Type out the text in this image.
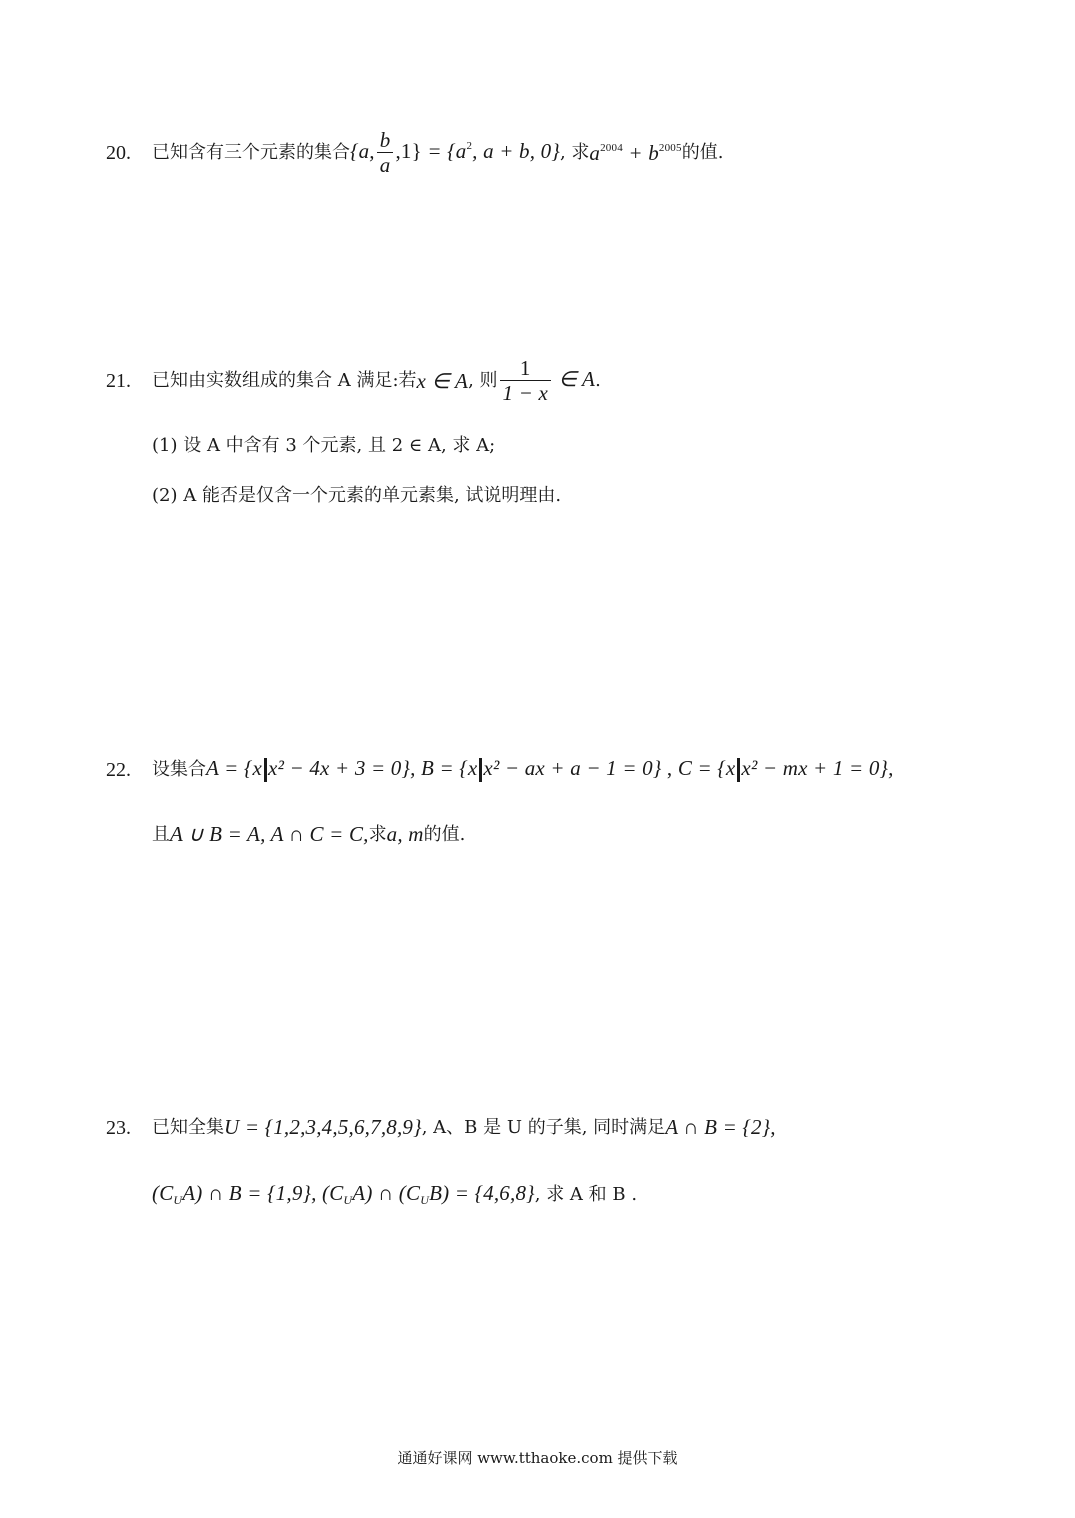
20.	已知含有三个元素的集合 {a, $\frac{b}{a} ,1\} = \{a^2$, a + b, 0} , 求 $a^{2004} + b^{2005}$ 的值.
21.	已知由实数组成的集合 A 满足:若 x ∈ A , 则 $\frac{1}{1 - x}$ ∈ A .
(1) 设 A 中含有 3 个元素, 且 2 ∈ A, 求 A;
(2) A 能否是仅含一个元素的单元素集, 试说明理由.
22.	设集合 A = {x x² − 4x + 3 = 0}, B = {x x² − ax + a − 1 = 0} , C = {x x² − mx + 1 = 0},
且 A ∪ B = A, A ∩ C = C, 求 a, m 的值.
23.	已知全集 U = {1,2,3,4,5,6,7,8,9} , A、B 是 U 的子集, 同时满足 A ∩ B = {2},
$(C_UA)$ ∩ B = {1,9}, $(C_UA)$ ∩ $(C_UB) = \{4,6,8\}$ , 求 A 和 B .
通通好课网 www.tthaoke.com 提供下载
